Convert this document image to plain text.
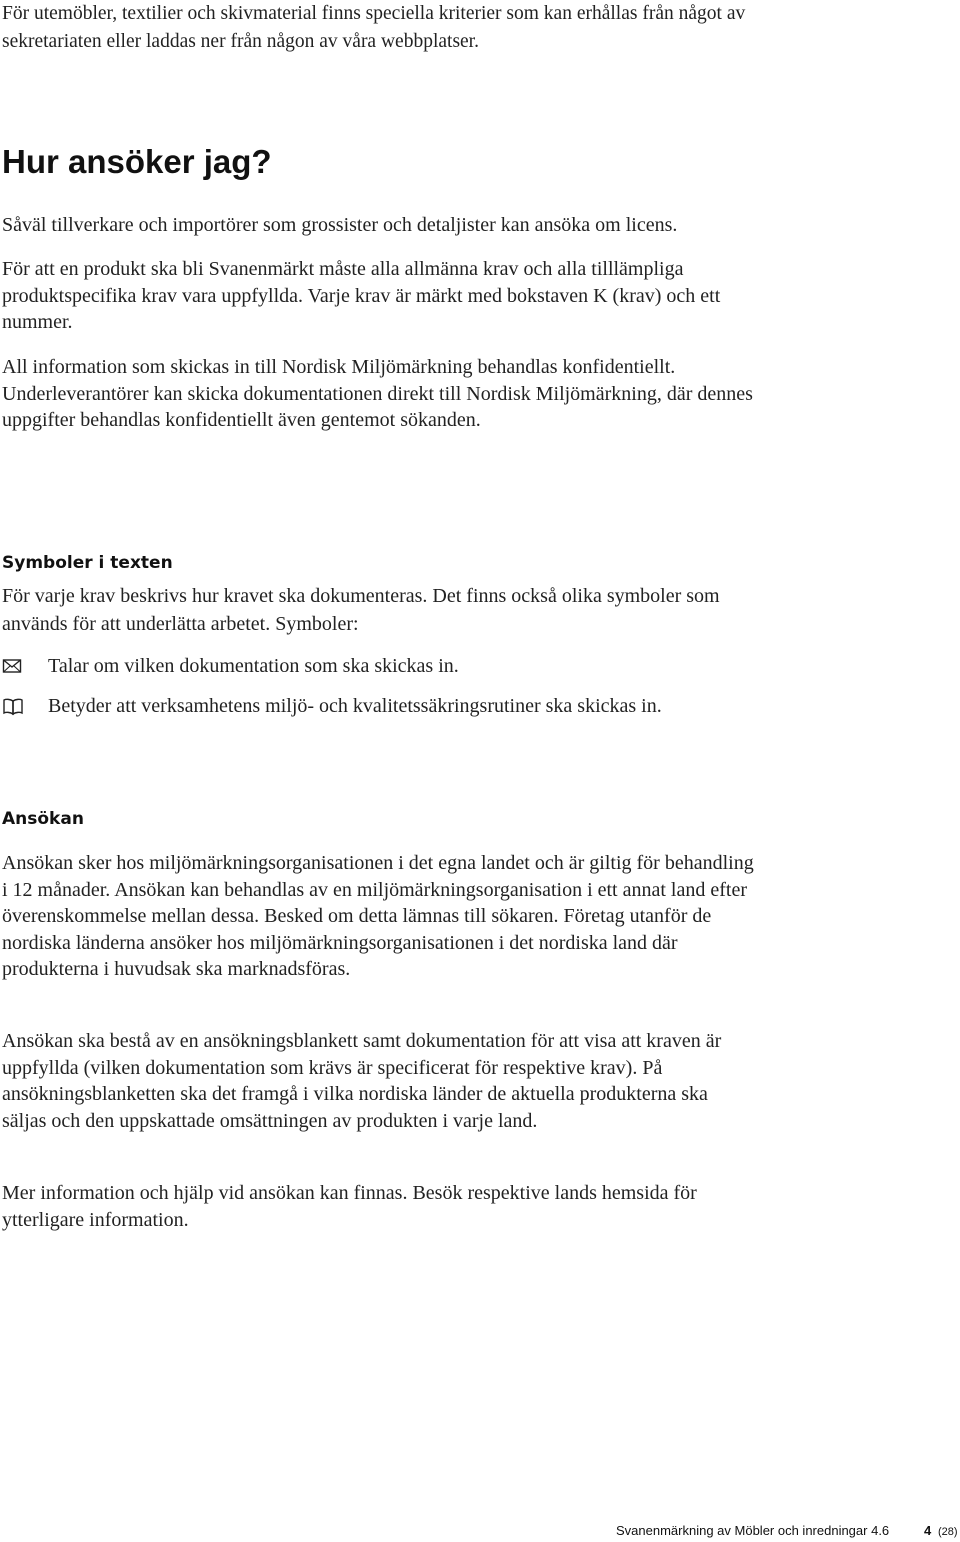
För utemöbler, textilier och skivmaterial finns speciella kriterier som kan erhållas från något av sekretariaten eller laddas ner från någon av våra webbplatser.

Hur ansöker jag?

Såväl tillverkare och importörer som grossister och detaljister kan ansöka om licens.

För att en produkt ska bli Svanenmärkt måste alla allmänna krav och alla tilllämpliga produktspecifika krav vara uppfyllda. Varje krav är märkt med bokstaven K (krav) och ett nummer.

All information som skickas in till Nordisk Miljömärkning behandlas konfidentiellt. Underleverantörer kan skicka dokumentationen direkt till Nordisk Miljömärkning, där dennes uppgifter behandlas konfidentiellt även gentemot sökanden.

Symboler i texten

För varje krav beskrivs hur kravet ska dokumenteras. Det finns också olika symboler som används för att underlätta arbetet. Symboler:

Talar om vilken dokumentation som ska skickas in.
Betyder att verksamhetens miljö- och kvalitetssäkringsrutiner ska skickas in.
Ansökan

Ansökan sker hos miljömärkningsorganisationen i det egna landet och är giltig för behandling i 12 månader. Ansökan kan behandlas av en miljömärkningsorganisation i ett annat land efter överenskommelse mellan dessa. Besked om detta lämnas till sökaren. Företag utanför de nordiska länderna ansöker hos miljömärkningsorganisationen i det nordiska land där produkterna i huvudsak ska marknadsföras.

Ansökan ska bestå av en ansökningsblankett samt dokumentation för att visa att kraven är uppfyllda (vilken dokumentation som krävs är specificerat för respektive krav). På ansökningsblanketten ska det framgå i vilka nordiska länder de aktuella produkterna ska säljas och den uppskattade omsättningen av produkten i varje land.

Mer information och hjälp vid ansökan kan finnas. Besök respektive lands hemsida för ytterligare information.

Svanenmärkning av Möbler och inredningar 4.6	4 (28)
